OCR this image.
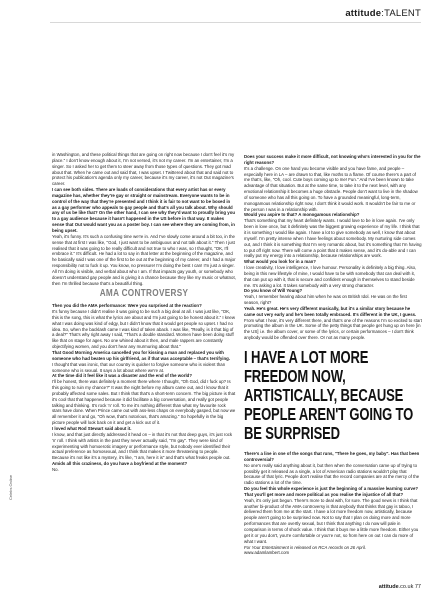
attitude:TALENT

in Washington, and these political things that are going on right now because I don't feel it's my place." I don't know enough about it, I'm not versed, it's not my career. I'm an entertainer, I'm a singer. So I asked her to get them to steer away from those types of questions. They got mad about that. When he came out and said that, I was upset. I Twittered about that and said not to protect his publication's agenda only my career, because it's my career, it's not Out magazine's career.

I can see both sides. There are loads of considerations that every artist has or every magazine has, whether they're gay or straight or mainstream. Everyone wants to be in control of the way that they're presented and I think it is fair to not want to be boxed in as a gay performer who appeals to gay people and that's all you talk about. Why should any of us be like that? On the other hand, I can see why they'd want to proudly bring you to a gay audience because it hasn't happened in the US before in that way. It makes sense that Out would want you as a poster boy. I can see where they are coming from, in being upset.

Yeah, it's funny. It's such a confusing time we're in. And I've slowly come around a bit too, in the sense that at first I was like, "God, I just want to be ambiguous and not talk about it." Then I just realised that it was going to be really difficult and not true to who I was, so I thought, "OK, I'll embrace it." It's difficult. He had a lot to say in that letter at the beginning of the magazine, and he basically said I was one of the first to be out at the beginning of my career, and I had a major responsibility not to fuck it up. You know, no pressure! I'm doing the best I can! I'm just a singer. All I'm doing is visible, and verbal about who I am. If that impacts gay youth, or somebody who doesn't understand gay people and is giving it a chance because they like my music or whatnot, then I'm thrilled because that's a beautiful thing.

AMA CONTROVERSY

Then you did the AMA performance: Were you surprised at the reaction?

It's funny because I didn't realise it was going to be such a big deal at all. I was just like, "OK, this is the song, this is what the lyrics are about and I'm just going to be honest about it." I knew what I was doing was kind of edgy, but I didn't know that it would get people so upset. I had no idea. So, when the backlash came I was kind of taken aback. I was like, "Really, is it that big of a deal?" That's why right away I said, "That's a double standard. Women have been doing stuff like that on stage for ages. No one whined about it then, and male rappers are constantly objectifying women, and you don't hear any murmuring about that."

That Good Morning America cancelled you for kissing a man and replaced you with someone who had beaten up his girlfriend, as if that was acceptable – that's terrifying.

I thought that was ironic, that our country is quicker to forgive someone who is violent than someone who is sexual. It says a lot about where we're at.

At the time did it feel like it was a disaster and the end of the world?

I'll be honest, there was definitely a moment there where I thought, "Oh God, did I fuck up? Is this going to ruin my chance?" It was the night before my album came out, and I know that it probably affected some sales. But I think that that's a short-term concern. The big picture is that it's cool that that happened because it did facilitate a big conversation, and really got people talking and thinking. It's rock 'n' roll. To me it's nothing different than what my favourite rock stars have done. When Prince came out with ass-less chaps on everybody gasped, but now we all remember it and go, "Oh wow, that's notorious, that's amazing." So hopefully in the big picture people will look back on it and get a kick out of it.

I loved what Rod Stewart said about it.

I know, and that just directly addressed it head on – in that it's not that deep guys, it's just rock 'n' roll. I think with artists in the past they never actually said, "I'm gay". They were kind of experimenting with homoerotic imagery or performance style, but nobody ever identified their actual preference as homosexual, and I think that makes it more threatening to people. Because it's not like it's a mystery, it's like, "I am, here it is" and that's what freaks people out.

Amids all this craziness, do you have a boyfriend at the moment?

No.

Does your success make it more difficult, not knowing who's interested in you for the right reasons?

It's a challenge. On one hand you become visible and you have fame, and people – especially here in LA – are drawn to that, like moths to a flame. Of course there's a part of me that's, like, "Oh, cool. Cute boys coming up to me! Fun." And I've been known to take advantage of that situation. But at the same time, to take it to the next level, with any emotional relationship it becomes a huge obstacle. People don't want to live in the shadow of someone who has all this going on. To have a grounded meaningful, long-term, monogamous relationship right now, I don't think it would work. It wouldn't be fair to me or the person I was in a relationship with.

Would you aspire to that? A monogamous relationship?

That's something that my heart definitely wants. I would love to be in love again. I've only been in love once, but it definitely was the biggest growing experience of my life. I think that it is something I would like again. I have a lot to give somebody as well, I know that about myself. I'm pretty intense when I have feelings about somebody. My nurturing side comes out, and I think it is something that I'm very romantic about, but it's something that I'm having to put off right now. There will come a point that it makes sense, and it's do-able and I can really put my energy into a relationship, because relationships are work.

What would you look for in a man?

I love creativity, I love intelligence, I love humour. Personality is definitely a big thing. Also, being in this new lifestyle of mine, I would have to be with somebody that can deal with it, that can put up with it, that is secure and confident enough in themselves to stand beside me. It's asking a lot. It takes somebody with a very strong character.

Do you know of Will Young?

Yeah, I remember hearing about him when he was on British Idol. He was on the first season, right?

Yeah. He's great. He's very different musically, but it's a similar story because he came out very early and he's been totally embraced. It's different in the UK, I guess.

From what I hear, it's very different there, and that's one of the reasons I'm so excited to start promoting the album in the UK. Some of the petty things that people get hung up on here [in the US] i.e. the album cover, or some of the lyrics, or certain performances – I don't think anybody would be offended over there. Or not as many people.

I HAVE A LOT MORE FREEDOM NOW, ARTISTICALLY, BECAUSE PEOPLE AREN'T GOING TO BE SURPRISED

There's a line in one of the songs that runs, "There he goes, my baby". Has that been controversial?

No one's really said anything about it, but then when the conversation came up of trying to possibly get it released as a single, a lot of American radio stations wouldn't play that because of that lyric. People don't realise that the record companies are at the mercy of the radio stations a lot of the time.

Do you feel this whole experience is just the beginning of a massive learning curve? That you'll get more and more political as you realise the injustice of all that?

Yeah, it's only just begun. There's more to deal with, for sure. The good news is I think that another bi-product of the AMA controversy is that anybody that thinks that gay is taboo, I delivered them from me at the start. I have a lot more freedom now, artistically, because people aren't going to be surprised now. Not to say that I plan on doing more and more performances that are overtly sexual, but I think that anything I do now will pale in comparison in terms of shock value. I think that it buys me a little more freedom. Either you get it or you don't, you're comfortable or you're not, so from here on out I can do more of what I want.

For Your Entertainment is released on RCA records on 26 April.

www.adamlambert.com

Celebs Online
attitude.co.uk 77
